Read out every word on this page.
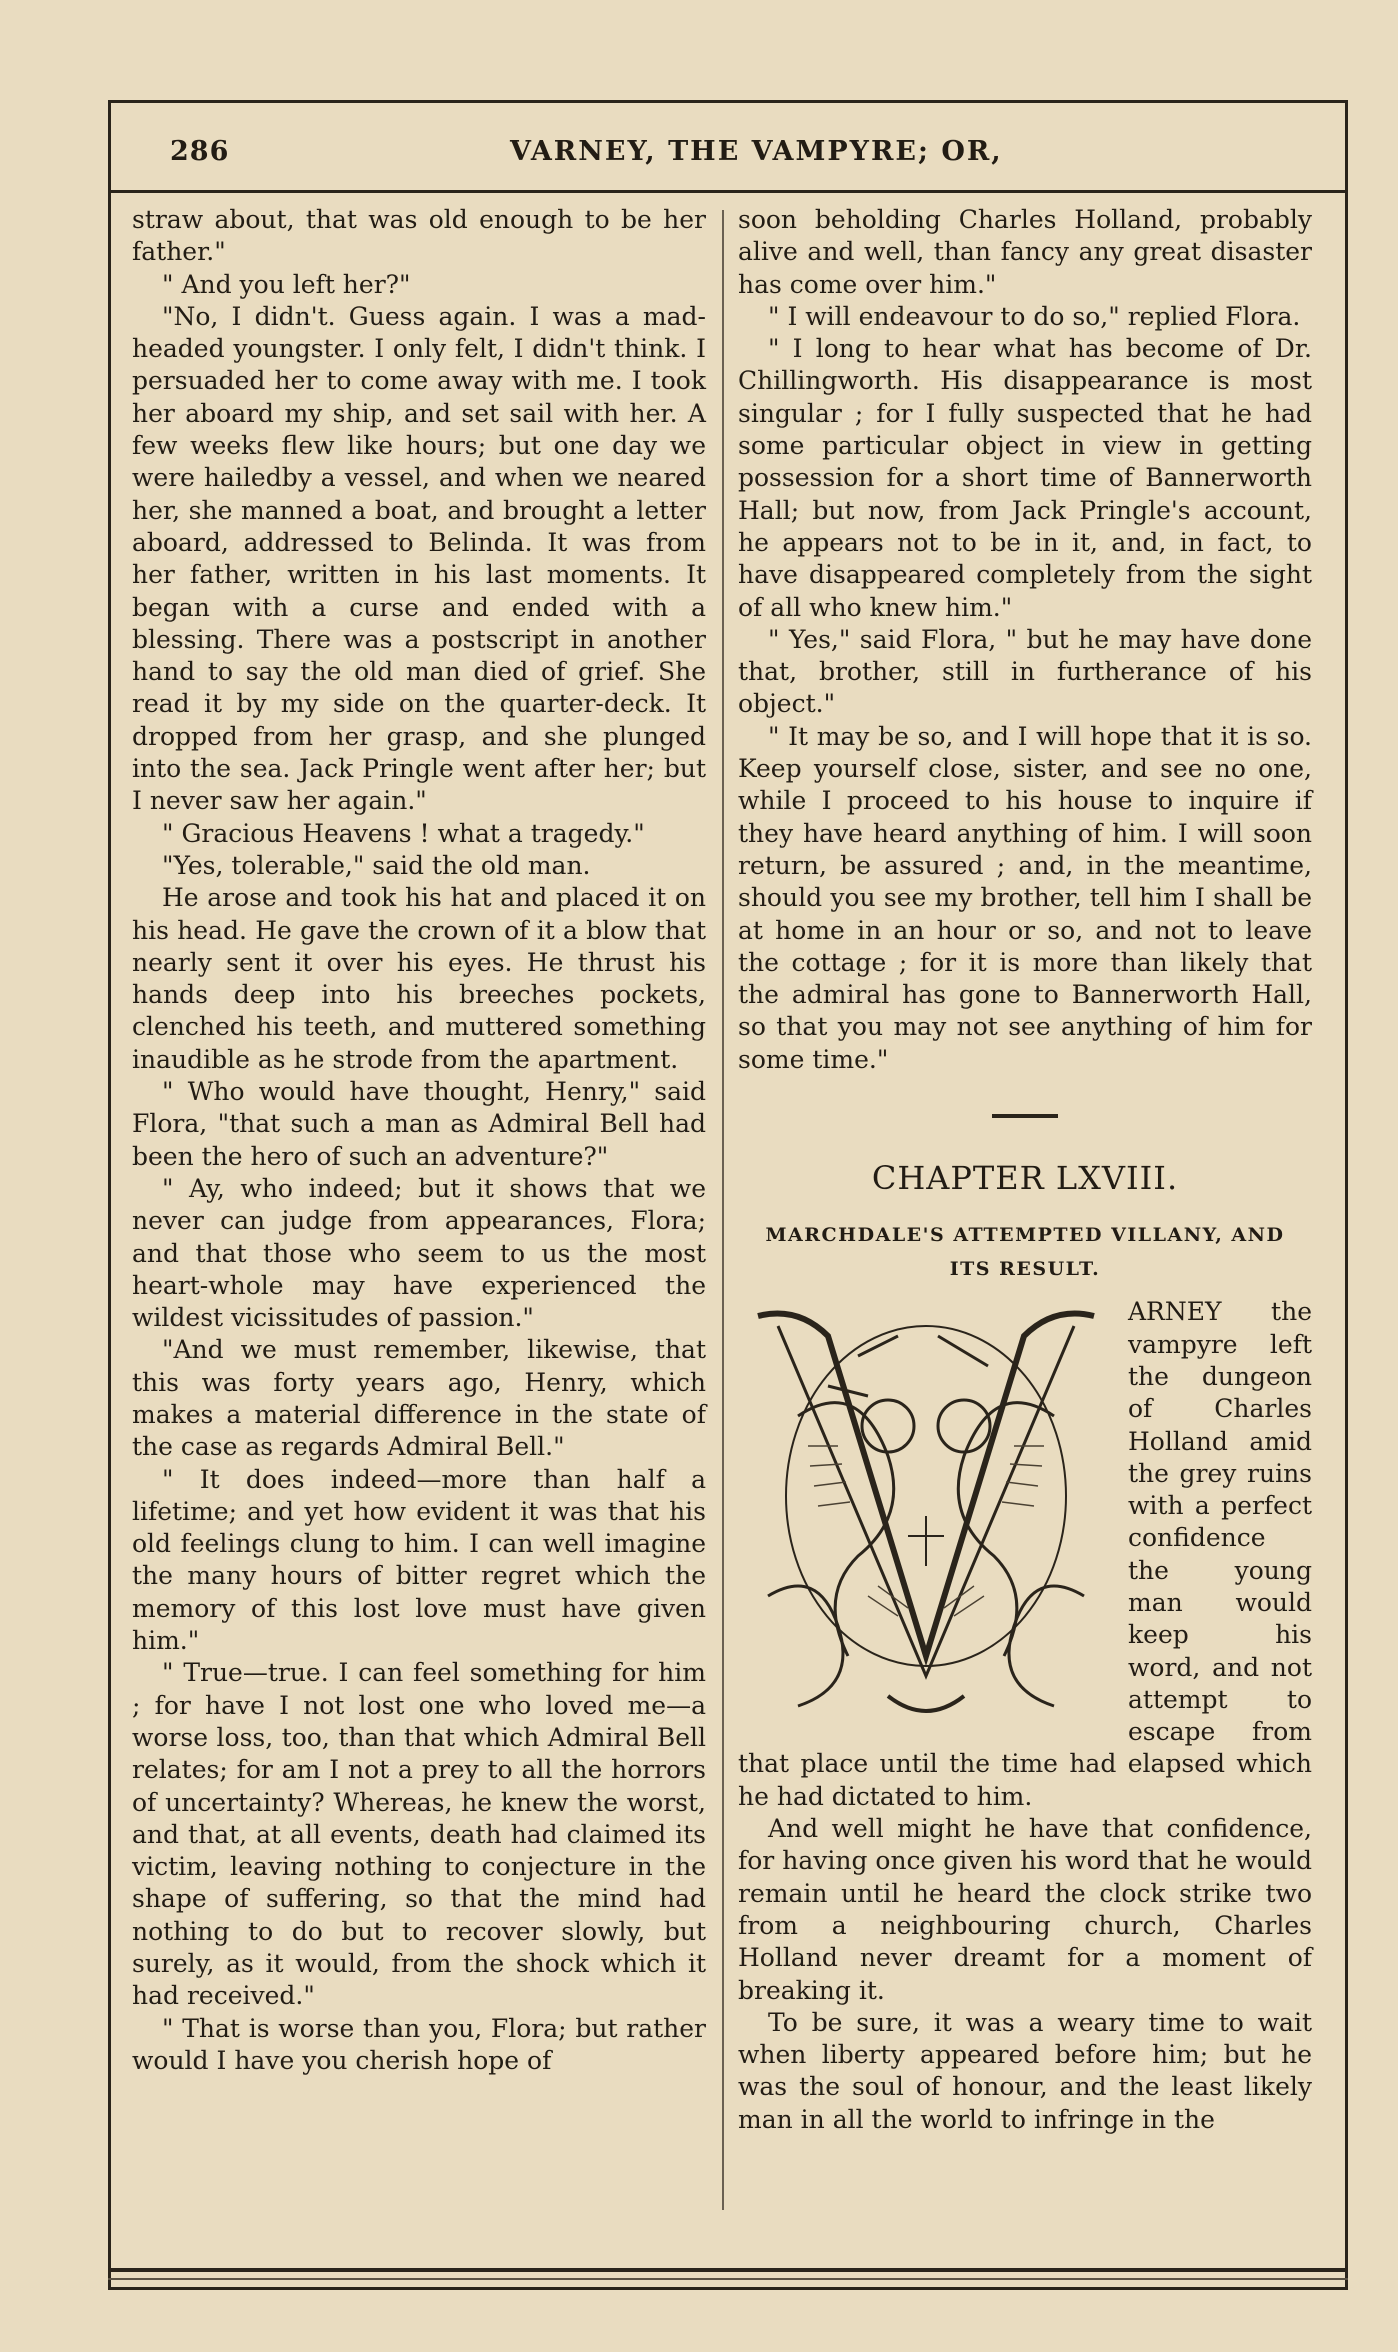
286	VARNEY, THE VAMPYRE; OR,

straw about, that was old enough to be her father."

" And you left her?"

"No, I didn't. Guess again. I was a mad-headed youngster. I only felt, I didn't think. I persuaded her to come away with me. I took her aboard my ship, and set sail with her. A few weeks flew like hours; but one day we were hailedby a vessel, and when we neared her, she manned a boat, and brought a letter aboard, addressed to Belinda. It was from her father, written in his last moments. It began with a curse and ended with a blessing. There was a postscript in another hand to say the old man died of grief. She read it by my side on the quarter-deck. It dropped from her grasp, and she plunged into the sea. Jack Pringle went after her; but I never saw her again."

" Gracious Heavens ! what a tragedy."

"Yes, tolerable," said the old man.

He arose and took his hat and placed it on his head. He gave the crown of it a blow that nearly sent it over his eyes. He thrust his hands deep into his breeches pockets, clenched his teeth, and muttered something inaudible as he strode from the apartment.

" Who would have thought, Henry," said Flora, "that such a man as Admiral Bell had been the hero of such an adventure?"

" Ay, who indeed; but it shows that we never can judge from appearances, Flora; and that those who seem to us the most heart-whole may have experienced the wildest vicissitudes of passion."

"And we must remember, likewise, that this was forty years ago, Henry, which makes a material difference in the state of the case as regards Admiral Bell."

" It does indeed—more than half a lifetime; and yet how evident it was that his old feelings clung to him. I can well imagine the many hours of bitter regret which the memory of this lost love must have given him."

" True—true. I can feel something for him ; for have I not lost one who loved me—a worse loss, too, than that which Admiral Bell relates; for am I not a prey to all the horrors of uncertainty? Whereas, he knew the worst, and that, at all events, death had claimed its victim, leaving nothing to conjecture in the shape of suffering, so that the mind had nothing to do but to recover slowly, but surely, as it would, from the shock which it had received."

" That is worse than you, Flora; but rather would I have you cherish hope of

soon beholding Charles Holland, probably alive and well, than fancy any great disaster has come over him."

" I will endeavour to do so," replied Flora.

" I long to hear what has become of Dr. Chillingworth. His disappearance is most singular ; for I fully suspected that he had some particular object in view in getting possession for a short time of Bannerworth Hall; but now, from Jack Pringle's account, he appears not to be in it, and, in fact, to have disappeared completely from the sight of all who knew him."

" Yes," said Flora, " but he may have done that, brother, still in furtherance of his object."

" It may be so, and I will hope that it is so. Keep yourself close, sister, and see no one, while I proceed to his house to inquire if they have heard anything of him. I will soon return, be assured ; and, in the meantime, should you see my brother, tell him I shall be at home in an hour or so, and not to leave the cottage ; for it is more than likely that the admiral has gone to Bannerworth Hall, so that you may not see anything of him for some time."

CHAPTER LXVIII.
MARCHDALE'S ATTEMPTED VILLANY, AND
ITS RESULT.

ARNEY the vampyre left the dungeon of Charles Holland amid the grey ruins with a perfect confidence the young man would keep his word, and not attempt to escape from that place until the time had elapsed which he had dictated to him.

And well might he have that confidence, for having once given his word that he would remain until he heard the clock strike two from a neighbouring church, Charles Holland never dreamt for a moment of breaking it.

To be sure, it was a weary time to wait when liberty appeared before him; but he was the soul of honour, and the least likely man in all the world to infringe in the
